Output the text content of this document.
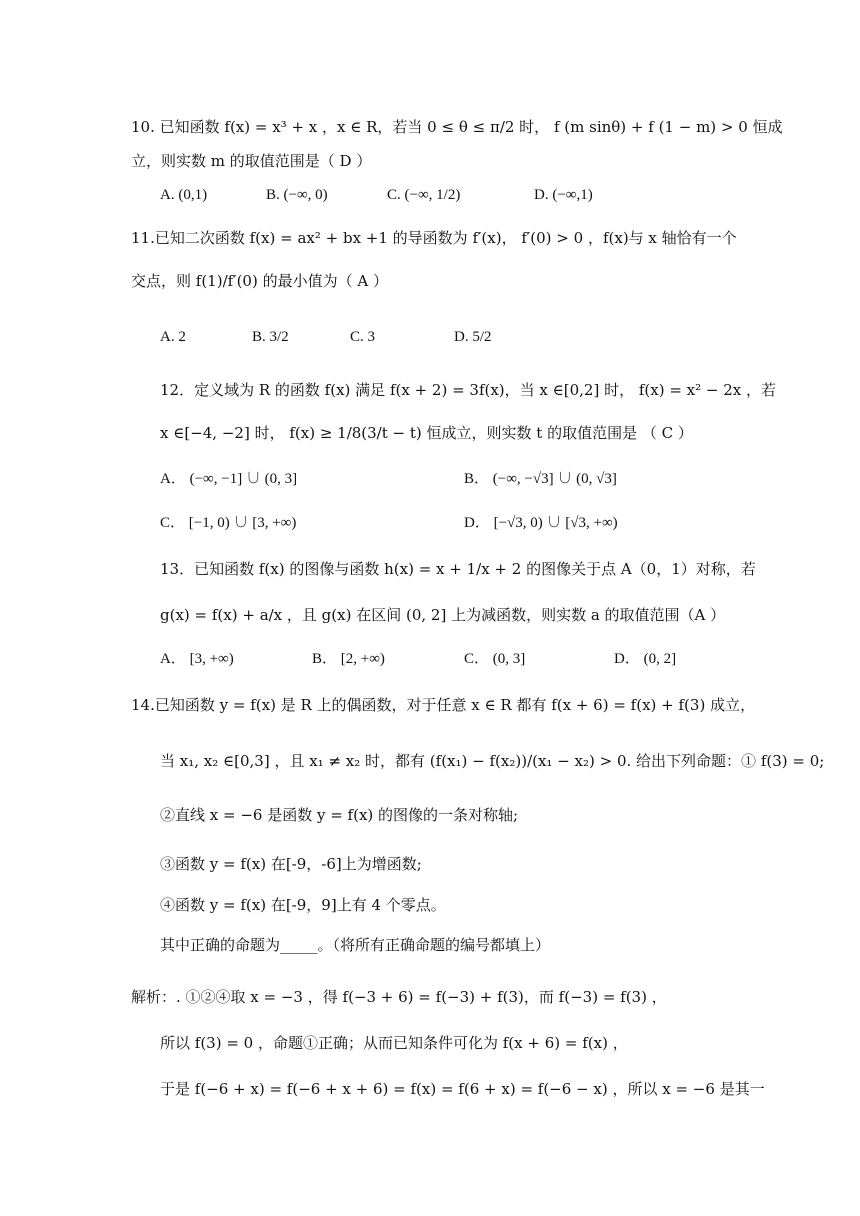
10. 已知函数 f(x) = x³ + x ，x ∈ R，若当 0 ≤ θ ≤ π/2 时， f (m sinθ) + f (1 − m) > 0 恒成
立，则实数 m 的取值范围是（ D ）
A. (0,1)	B. (−∞, 0)	C. (−∞, 1/2)	D. (−∞,1)
11.已知二次函数 f(x) = ax² + bx +1 的导函数为 f′(x)， f′(0) > 0 ，f(x)与 x 轴恰有一个
交点，则 f(1)/f′(0) 的最小值为（ A ）
A. 2	B. 3/2	C. 3	D. 5/2
12．定义域为 R 的函数 f(x) 满足 f(x + 2) = 3f(x)，当 x ∈[0,2] 时， f(x) = x² − 2x ，若
x ∈[−4, −2] 时， f(x) ≥ 1/8(3/t − t) 恒成立，则实数 t 的取值范围是 （ C ）
A． (−∞, −1] ∪ (0, 3]	B． (−∞, −√3] ∪ (0, √3]
C． [−1, 0) ∪ [3, +∞)	D． [−√3, 0) ∪ [√3, +∞)
13．已知函数 f(x) 的图像与函数 h(x) = x + 1/x + 2 的图像关于点 A（0，1）对称，若
g(x) = f(x) + a/x ，且 g(x) 在区间 (0, 2] 上为减函数，则实数 a 的取值范围（A ）
A． [3, +∞)	B． [2, +∞)	C． (0, 3]	D． (0, 2]
14.已知函数 y = f(x) 是 R 上的偶函数，对于任意 x ∈ R 都有 f(x + 6) = f(x) + f(3) 成立，
当 x₁, x₂ ∈[0,3] ，且 x₁ ≠ x₂ 时，都有 (f(x₁) − f(x₂))/(x₁ − x₂) > 0. 给出下列命题：① f(3) = 0;
②直线 x = −6 是函数 y = f(x) 的图像的一条对称轴;
③函数 y = f(x) 在[-9，-6]上为增函数;
④函数 y = f(x) 在[-9，9]上有 4 个零点。
其中正确的命题为_____。（将所有正确命题的编号都填上）
解析：. ①②④取 x = −3 ，得 f(−3 + 6) = f(−3) + f(3)，而 f(−3) = f(3) ，
所以 f(3) = 0 ，命题①正确；从而已知条件可化为 f(x + 6) = f(x) ，
于是 f(−6 + x) = f(−6 + x + 6) = f(x) = f(6 + x) = f(−6 − x) ，所以 x = −6 是其一
